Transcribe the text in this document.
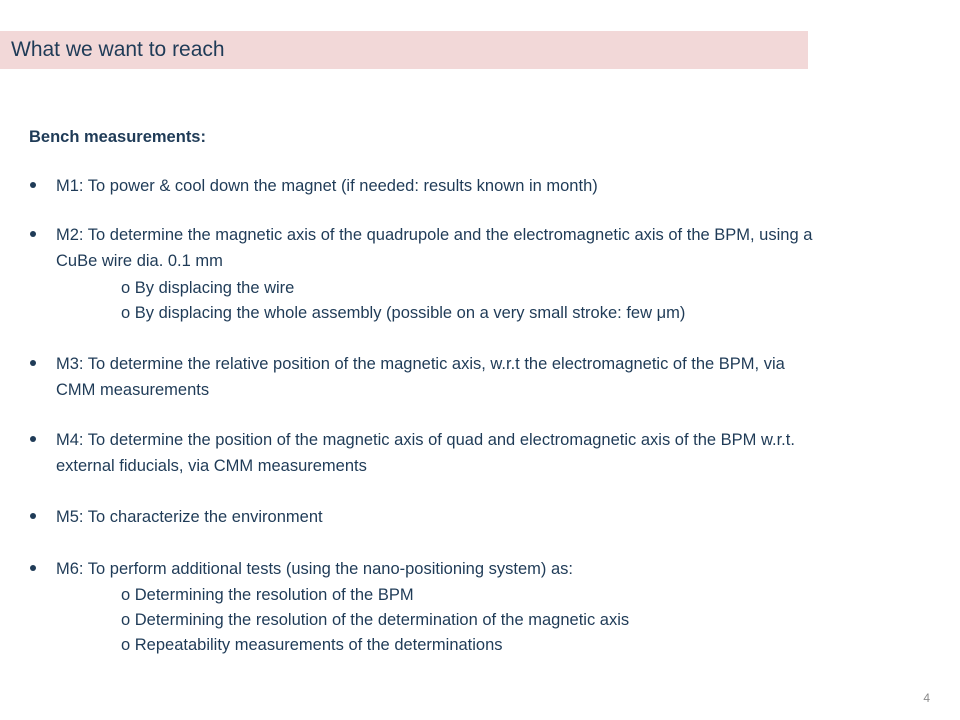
What we want to reach
Bench measurements:
M1: To power & cool down the magnet (if needed: results known in month)
M2: To determine the magnetic axis of the quadrupole and the electromagnetic axis of the BPM, using a
CuBe wire dia. 0.1 mm
o By displacing the wire
o By displacing the whole assembly (possible on a very small stroke: few μm)
M3: To determine the relative position of the magnetic axis, w.r.t the electromagnetic of the BPM, via
CMM measurements
M4: To determine the position of the magnetic axis of quad and electromagnetic axis of the BPM w.r.t.
external fiducials, via CMM measurements
M5: To characterize the environment
M6: To perform additional tests (using the nano-positioning system) as:
o Determining the resolution of the BPM
o Determining the resolution of the determination of the magnetic axis
o Repeatability measurements of the determinations
4
